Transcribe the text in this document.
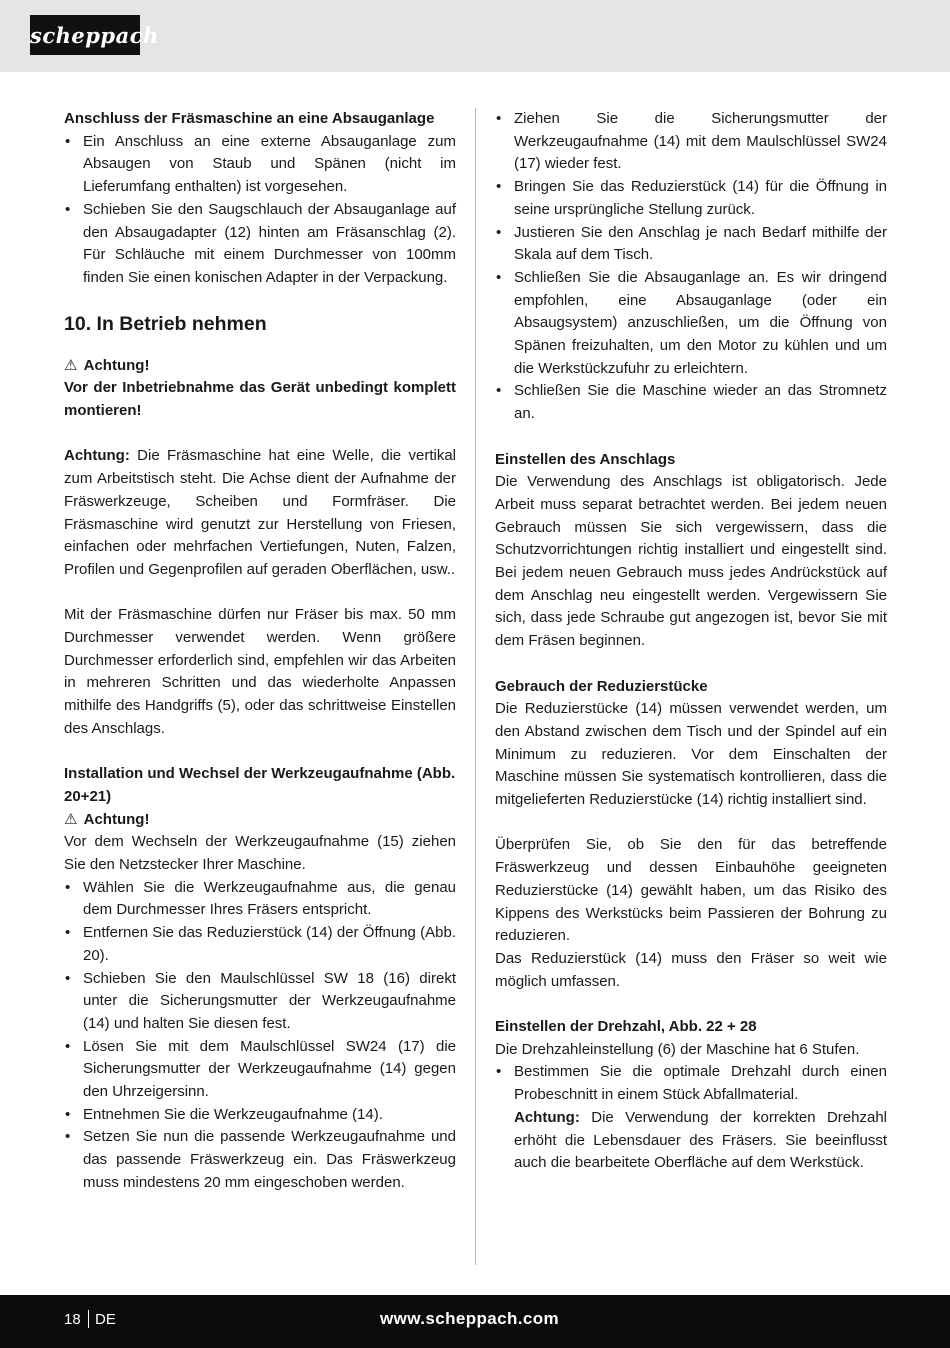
scheppach
Anschluss der Fräsmaschine an eine Absauganlage
• Ein Anschluss an eine externe Absauganlage zum Absaugen von Staub und Spänen (nicht im Lieferumfang enthalten) ist vorgesehen.
• Schieben Sie den Saugschlauch der Absauganlage auf den Absaugadapter (12) hinten am Fräsanschlag (2). Für Schläuche mit einem Durchmesser von 100mm finden Sie einen konischen Adapter in der Verpackung.
10. In Betrieb nehmen
⚠ Achtung!
Vor der Inbetriebnahme das Gerät unbedingt komplett montieren!
Achtung: Die Fräsmaschine hat eine Welle, die vertikal zum Arbeitstisch steht. Die Achse dient der Aufnahme der Fräswerkzeuge, Scheiben und Formfräser. Die Fräsmaschine wird genutzt zur Herstellung von Friesen, einfachen oder mehrfachen Vertiefungen, Nuten, Falzen, Profilen und Gegenprofilen auf geraden Oberflächen, usw..
Mit der Fräsmaschine dürfen nur Fräser bis max. 50 mm Durchmesser verwendet werden. Wenn größere Durchmesser erforderlich sind, empfehlen wir das Arbeiten in mehreren Schritten und das wiederholte Anpassen mithilfe des Handgriffs (5), oder das schrittweise Einstellen des Anschlags.
Installation und Wechsel der Werkzeugaufnahme (Abb. 20+21)
⚠ Achtung!
Vor dem Wechseln der Werkzeugaufnahme (15) ziehen Sie den Netzstecker Ihrer Maschine.
• Wählen Sie die Werkzeugaufnahme aus, die genau dem Durchmesser Ihres Fräsers entspricht.
• Entfernen Sie das Reduzierstück (14) der Öffnung (Abb. 20).
• Schieben Sie den Maulschlüssel SW 18 (16) direkt unter die Sicherungsmutter der Werkzeugaufnahme (14) und halten Sie diesen fest.
• Lösen Sie mit dem Maulschlüssel SW24 (17) die Sicherungsmutter der Werkzeugaufnahme (14) gegen den Uhrzeigersinn.
• Entnehmen Sie die Werkzeugaufnahme (14).
• Setzen Sie nun die passende Werkzeugaufnahme und das passende Fräswerkzeug ein. Das Fräswerkzeug muss mindestens 20 mm eingeschoben werden.
• Ziehen Sie die Sicherungsmutter der Werkzeugaufnahme (14) mit dem Maulschlüssel SW24 (17) wieder fest.
• Bringen Sie das Reduzierstück (14) für die Öffnung in seine ursprüngliche Stellung zurück.
• Justieren Sie den Anschlag je nach Bedarf mithilfe der Skala auf dem Tisch.
• Schließen Sie die Absauganlage an. Es wir dringend empfohlen, eine Absauganlage (oder ein Absaugsystem) anzuschließen, um die Öffnung von Spänen freizuhalten, um den Motor zu kühlen und um die Werkstückzufuhr zu erleichtern.
• Schließen Sie die Maschine wieder an das Stromnetz an.
Einstellen des Anschlags
Die Verwendung des Anschlags ist obligatorisch. Jede Arbeit muss separat betrachtet werden. Bei jedem neuen Gebrauch müssen Sie sich vergewissern, dass die Schutzvorrichtungen richtig installiert und eingestellt sind. Bei jedem neuen Gebrauch muss jedes Andrückstück auf dem Anschlag neu eingestellt werden. Vergewissern Sie sich, dass jede Schraube gut angezogen ist, bevor Sie mit dem Fräsen beginnen.
Gebrauch der Reduzierstücke
Die Reduzierstücke (14) müssen verwendet werden, um den Abstand zwischen dem Tisch und der Spindel auf ein Minimum zu reduzieren. Vor dem Einschalten der Maschine müssen Sie systematisch kontrollieren, dass die mitgelieferten Reduzierstücke (14) richtig installiert sind.
Überprüfen Sie, ob Sie den für das betreffende Fräswerkzeug und dessen Einbauhöhe geeigneten Reduzierstücke (14) gewählt haben, um das Risiko des Kippens des Werkstücks beim Passieren der Bohrung zu reduzieren.
Das Reduzierstück (14) muss den Fräser so weit wie möglich umfassen.
Einstellen der Drehzahl, Abb. 22 + 28
Die Drehzahleinstellung (6) der Maschine hat 6 Stufen.
• Bestimmen Sie die optimale Drehzahl durch einen Probeschnitt in einem Stück Abfallmaterial.
Achtung: Die Verwendung der korrekten Drehzahl erhöht die Lebensdauer des Fräsers. Sie beeinflusst auch die bearbeitete Oberfläche auf dem Werkstück.
18 DE	www.scheppach.com
